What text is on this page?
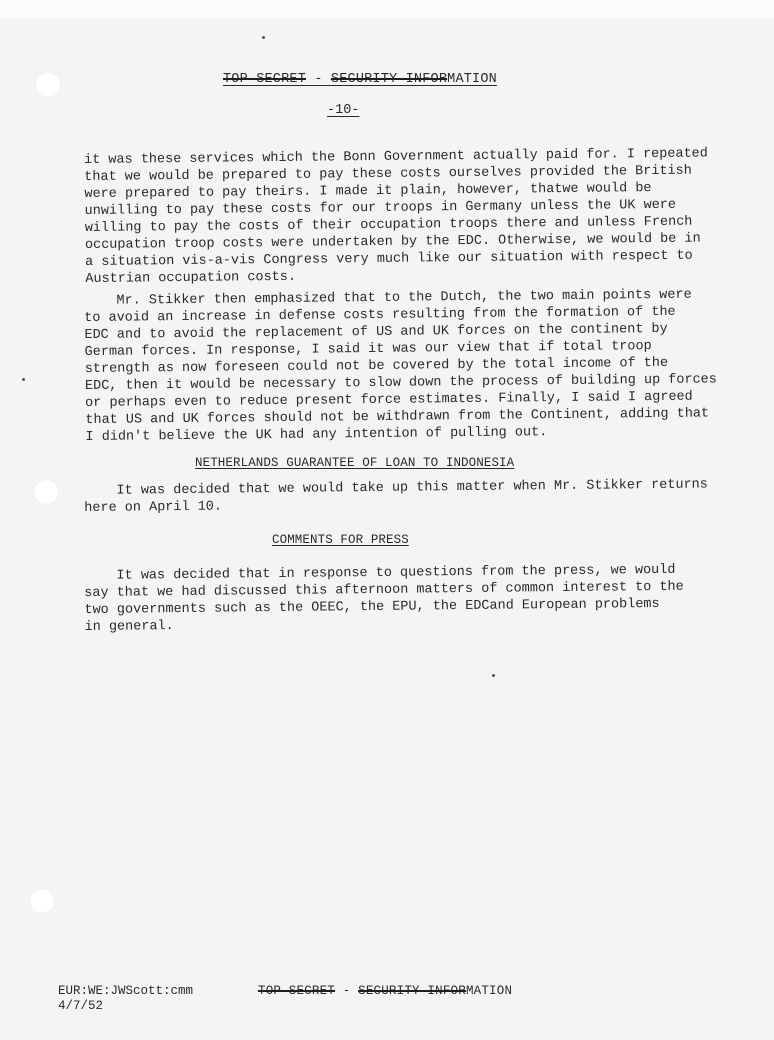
TOP SECRET - SECURITY INFORMATION
-10-

it was these services which the Bonn Government actually paid for. I repeated
that we would be prepared to pay these costs ourselves provided the British
were prepared to pay theirs. I made it plain, however, thatwe would be
unwilling to pay these costs for our troops in Germany unless the UK were
willing to pay the costs of their occupation troops there and unless French
occupation troop costs were undertaken by the EDC. Otherwise, we would be in
a situation vis-a-vis Congress very much like our situation with respect to
Austrian occupation costs.

Mr. Stikker then emphasized that to the Dutch, the two main points were
to avoid an increase in defense costs resulting from the formation of the
EDC and to avoid the replacement of US and UK forces on the continent by
German forces. In response, I said it was our view that if total troop
strength as now foreseen could not be covered by the total income of the
EDC, then it would be necessary to slow down the process of building up forces
or perhaps even to reduce present force estimates. Finally, I said I agreed
that US and UK forces should not be withdrawn from the Continent, adding that
I didn't believe the UK had any intention of pulling out.

NETHERLANDS GUARANTEE OF LOAN TO INDONESIA

It was decided that we would take up this matter when Mr. Stikker returns
here on April 10.

COMMENTS FOR PRESS

It was decided that in response to questions from the press, we would
say that we had discussed this afternoon matters of common interest to the
two governments such as the OEEC, the EPU, the EDCand European problems
in general.

EUR:WE:JWScott:cmm
4/7/52
TOP SECRET - SECURITY INFORMATION
